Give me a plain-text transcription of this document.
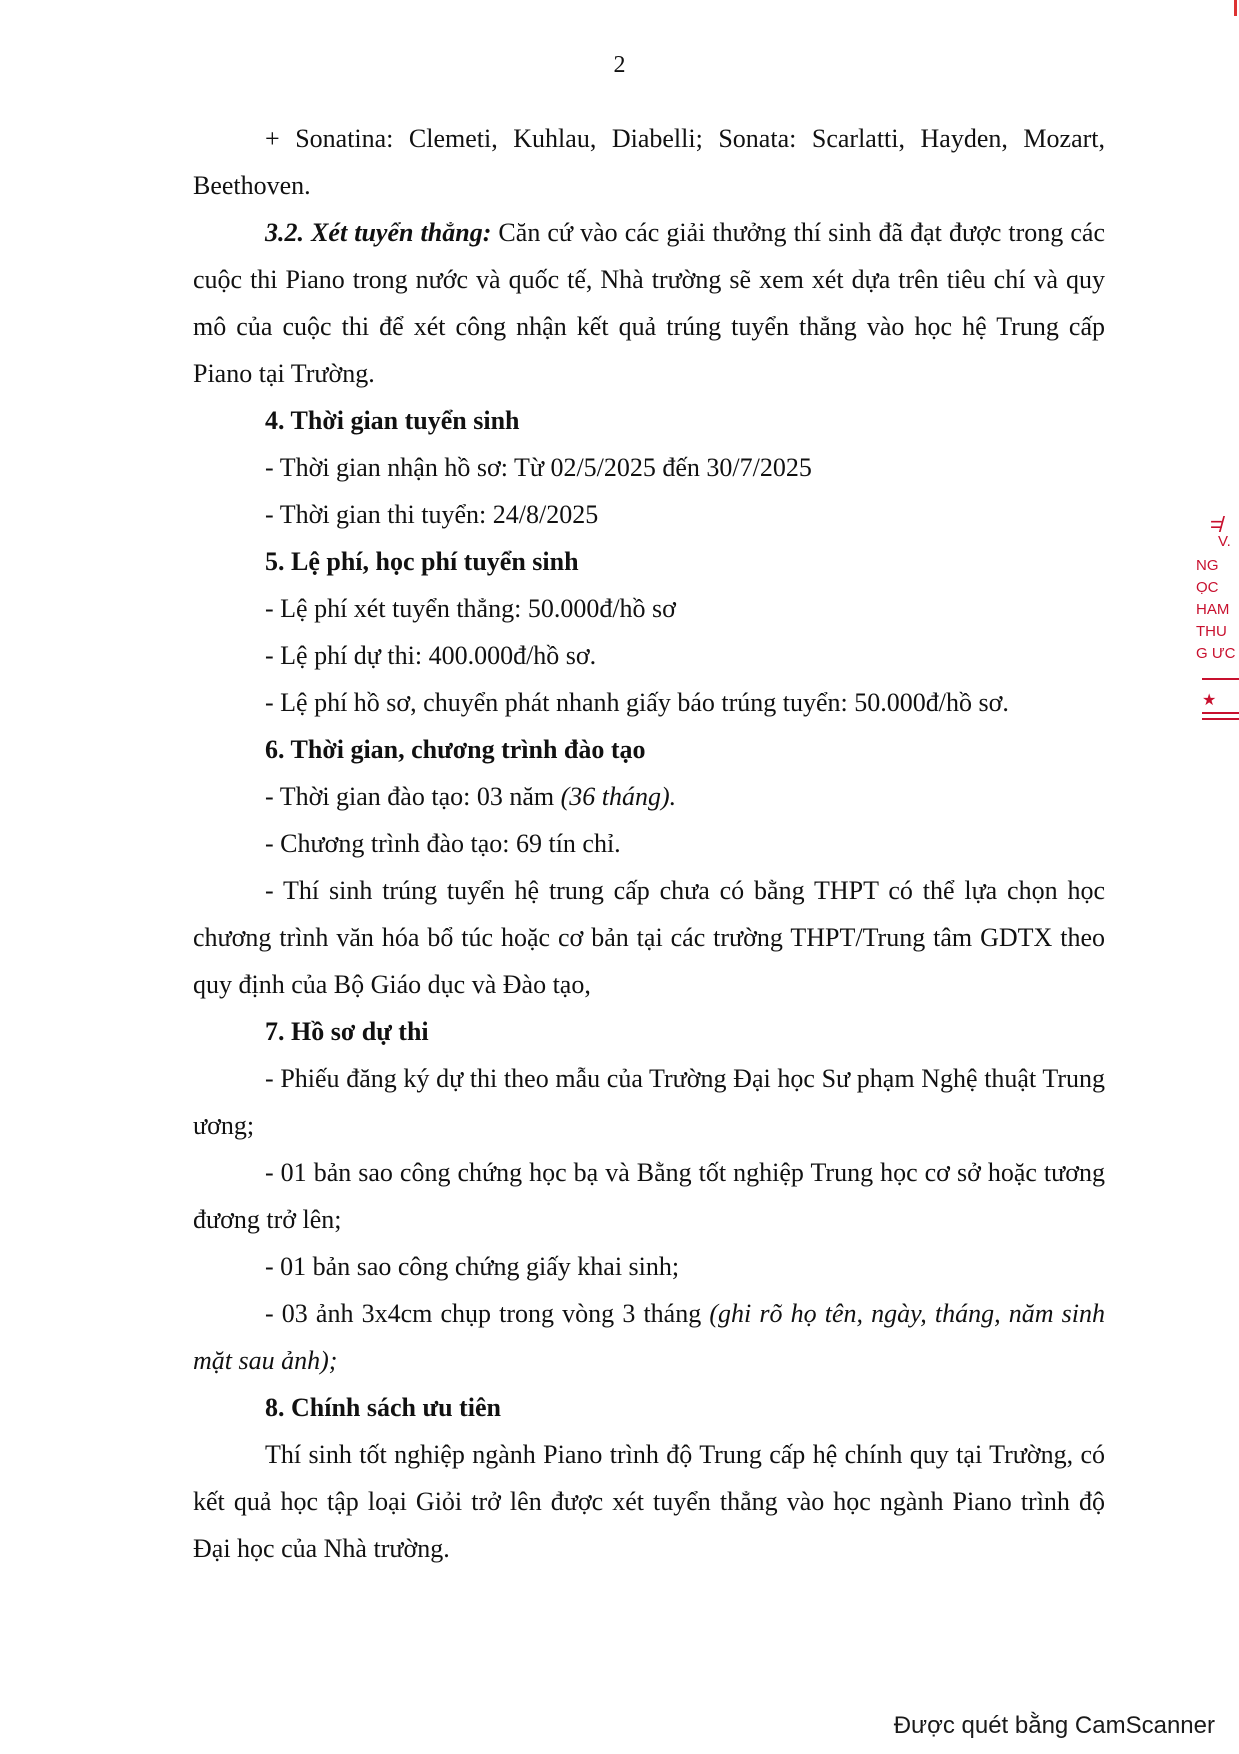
2

+ Sonatina: Clemeti, Kuhlau, Diabelli; Sonata: Scarlatti, Hayden, Mozart, Beethoven.

3.2. Xét tuyển thẳng: Căn cứ vào các giải thưởng thí sinh đã đạt được trong các cuộc thi Piano trong nước và quốc tế, Nhà trường sẽ xem xét dựa trên tiêu chí và quy mô của cuộc thi để xét công nhận kết quả trúng tuyển thẳng vào học hệ Trung cấp Piano tại Trường.

4. Thời gian tuyển sinh

- Thời gian nhận hồ sơ: Từ 02/5/2025 đến 30/7/2025

- Thời gian thi tuyển: 24/8/2025

5. Lệ phí, học phí tuyển sinh

- Lệ phí xét tuyển thẳng: 50.000đ/hồ sơ

- Lệ phí dự thi: 400.000đ/hồ sơ.

- Lệ phí hồ sơ, chuyển phát nhanh giấy báo trúng tuyển: 50.000đ/hồ sơ.

6. Thời gian, chương trình đào tạo

- Thời gian đào tạo: 03 năm (36 tháng).

- Chương trình đào tạo: 69 tín chỉ.

- Thí sinh trúng tuyển hệ trung cấp chưa có bằng THPT có thể lựa chọn học chương trình văn hóa bổ túc hoặc cơ bản tại các trường THPT/Trung tâm GDTX theo quy định của Bộ Giáo dục và Đào tạo,

7. Hồ sơ dự thi

- Phiếu đăng ký dự thi theo mẫu của Trường Đại học Sư phạm Nghệ thuật Trung ương;

- 01 bản sao công chứng học bạ và Bằng tốt nghiệp Trung học cơ sở hoặc tương đương trở lên;

- 01 bản sao công chứng giấy khai sinh;

- 03 ảnh 3x4cm chụp trong vòng 3 tháng (ghi rõ họ tên, ngày, tháng, năm sinh mặt sau ảnh);

8. Chính sách ưu tiên

Thí sinh tốt nghiệp ngành Piano trình độ Trung cấp hệ chính quy tại Trường, có kết quả học tập loại Giỏi trở lên được xét tuyển thẳng vào học ngành Piano trình độ Đại học của Nhà trường.

=/
V.
NG
ỌC
HAM
THU
G ƯC
★
Được quét bằng CamScanner
